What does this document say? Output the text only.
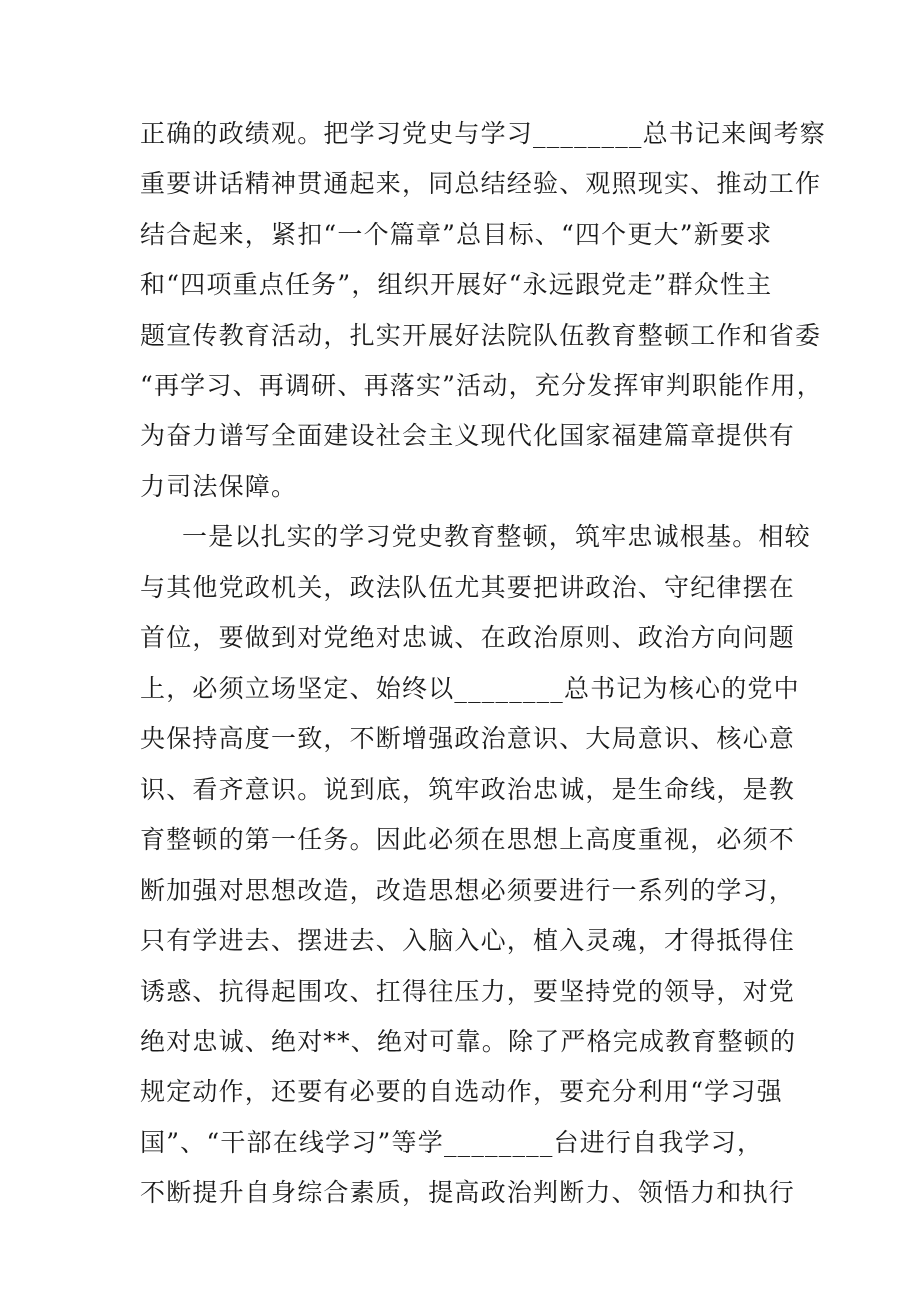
正确的政绩观。把学习党史与学习________总书记来闽考察
重要讲话精神贯通起来，同总结经验、观照现实、推动工作
结合起来，紧扣“一个篇章”总目标、“四个更大”新要求
和“四项重点任务”，组织开展好“永远跟党走”群众性主
题宣传教育活动，扎实开展好法院队伍教育整顿工作和省委
“再学习、再调研、再落实”活动，充分发挥审判职能作用，
为奋力谱写全面建设社会主义现代化国家福建篇章提供有
力司法保障。
一是以扎实的学习党史教育整顿，筑牢忠诚根基。相较
与其他党政机关，政法队伍尤其要把讲政治、守纪律摆在
首位，要做到对党绝对忠诚、在政治原则、政治方向问题
上，必须立场坚定、始终以________总书记为核心的党中
央保持高度一致，不断增强政治意识、大局意识、核心意
识、看齐意识。说到底，筑牢政治忠诚，是生命线，是教
育整顿的第一任务。因此必须在思想上高度重视，必须不
断加强对思想改造，改造思想必须要进行一系列的学习，
只有学进去、摆进去、入脑入心，植入灵魂，才得抵得住
诱惑、抗得起围攻、扛得往压力，要坚持党的领导，对党
绝对忠诚、绝对**、绝对可靠。除了严格完成教育整顿的
规定动作，还要有必要的自选动作，要充分利用“学习强
国”、“干部在线学习”等学________台进行自我学习，
不断提升自身综合素质，提高政治判断力、领悟力和执行
